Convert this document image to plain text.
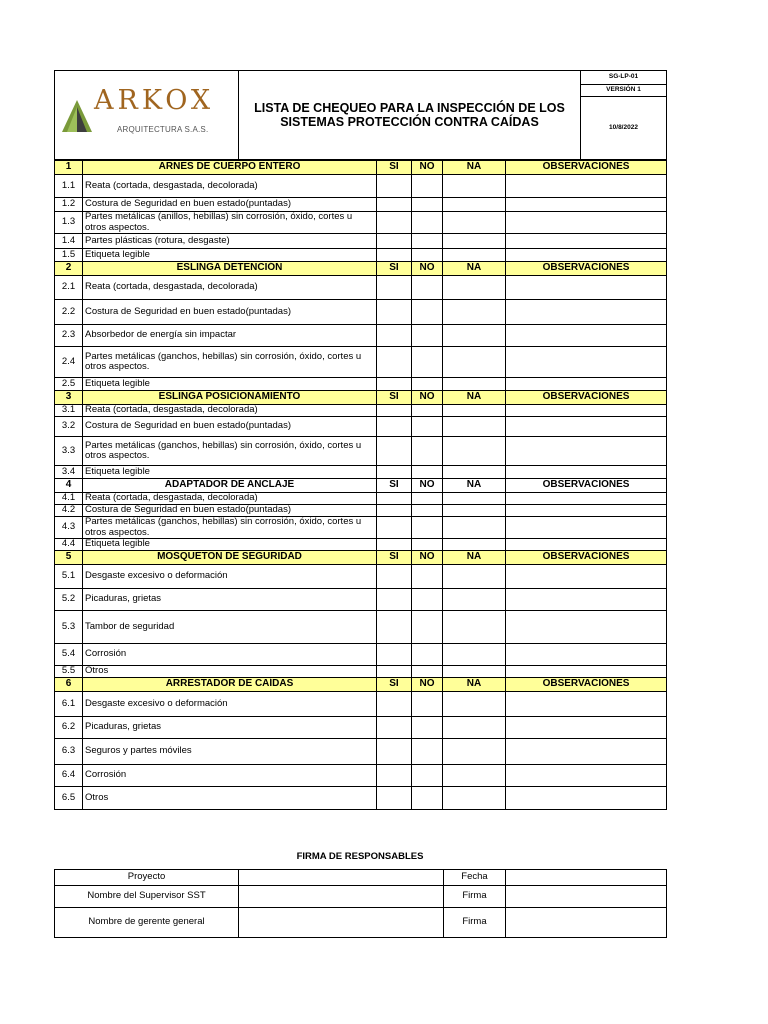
ARKOX
ARQUITECTURA S.A.S.

LISTA DE CHEQUEO PARA LA INSPECCIÓN DE LOS
SISTEMAS PROTECCIÓN CONTRA CAÍDAS
	SG-LP-01
VERSIÓN 1
10/8/2022
1	ARNES DE CUERPO ENTERO	SI	NO	NA	OBSERVACIONES
1.1	Reata (cortada, desgastada, decolorada)				
1.2	Costura de Seguridad en buen estado(puntadas)				
1.3	Partes metálicas (anillos, hebillas) sin corrosión, óxido, cortes u otros aspectos.				
1.4	Partes plásticas (rotura, desgaste)				
1.5	Etiqueta legible				
2	ESLINGA DETENCIÓN	SI	NO	NA	OBSERVACIONES
2.1	Reata (cortada, desgastada, decolorada)				
2.2	Costura de Seguridad en buen estado(puntadas)				
2.3	Absorbedor de energía sin impactar				
2.4	Partes metálicas (ganchos, hebillas) sin corrosión, óxido, cortes u otros aspectos.				
2.5	Etiqueta legible				
3	ESLINGA POSICIONAMIENTO	SI	NO	NA	OBSERVACIONES
3.1	Reata (cortada, desgastada, decolorada)				
3.2	Costura de Seguridad en buen estado(puntadas)				
3.3	Partes metálicas (ganchos, hebillas) sin corrosión, óxido, cortes u otros aspectos.				
3.4	Etiqueta legible				
4	ADAPTADOR DE ANCLAJE	SI	NO	NA	OBSERVACIONES
4.1	Reata (cortada, desgastada, decolorada)				
4.2	Costura de Seguridad en buen estado(puntadas)				
4.3	Partes metálicas (ganchos, hebillas) sin corrosión, óxido, cortes u otros aspectos.				
4.4	Etiqueta legible				
5	MOSQUETON DE SEGURIDAD	SI	NO	NA	OBSERVACIONES
5.1	Desgaste excesivo o deformación				
5.2	Picaduras, grietas				
5.3	Tambor de seguridad				
5.4	Corrosión				
5.5	Otros				
6	ARRESTADOR DE CAÍDAS	SI	NO	NA	OBSERVACIONES
6.1	Desgaste excesivo o deformación				
6.2	Picaduras, grietas				
6.3	Seguros y partes móviles				
6.4	Corrosión				
6.5	Otros				
FIRMA DE RESPONSABLES
Proyecto		Fecha	
Nombre del Supervisor SST		Firma	
Nombre de gerente general		Firma	
